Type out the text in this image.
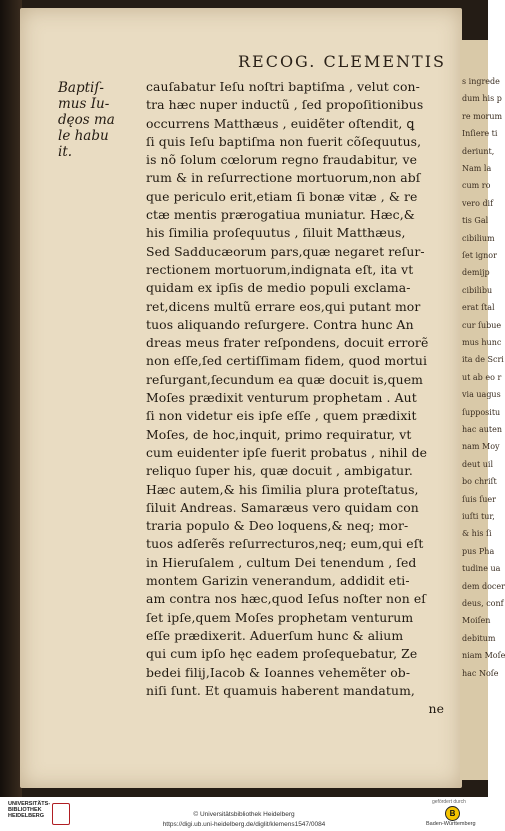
s ingrede
dum his p
re morum
Inſiere ti
deriunt,
Nam la
cum ro
vero dif
tis Gal
cibilium
ſet ignor
demijp
cibilibu
erat ſtal
cur ſubue
mus hunc
ita de Scri
ut ab eo r
via uagus
ſuppositu
hac auten
nam Moy
deut uil
bo chriſt
ſuis ſuer
iuſti tur,
& his ſi
pus Pha
tudine ua
dem docer
deus, conf
Moiſen
debitum
niam Moſe
hac Noſe
RECOG. CLEMENTIS
Baptiſ-
mus Iu-
dęos ma
le habu
it.
cauſabatur Ieſu noſtri baptiſma , velut con-
tra hæc nuper inductũ , ſed propoſitionibus
occurrens Matthæus , euidẽter oſtendit, ꝗ
ſi quis Ieſu baptiſma non fuerit cõſequutus,
is nõ ſolum cœlorum regno fraudabitur, ve
rum & in reſurrectione mortuorum,non abſ
que periculo erit,etiam ſi bonæ vitæ , & re
ctæ mentis prærogatiua muniatur. Hæc,&
his ſimilia proſequutus , ſiluit Matthæus,
Sed Sadducæorum pars,quæ negaret reſur-
rectionem mortuorum,indignata eſt, ita vt
quidam ex ipſis de medio populi exclama-
ret,dicens multũ errare eos,qui putant mor
tuos aliquando reſurgere. Contra hunc An
dreas meus frater reſpondens, docuit errorẽ
non eſſe,ſed certiſſimam fidem, quod mortui
reſurgant,ſecundum ea quæ docuit is,quem
Moſes prædixit venturum prophetam . Aut
ſi non videtur eis ipſe eſſe , quem prædixit
Moſes, de hoc,inquit, primo requiratur, vt
cum euidenter ipſe fuerit probatus , nihil de
reliquo ſuper his, quæ docuit , ambigatur.
Hæc autem,& his ſimilia plura proteſtatus,
ſiluit Andreas. Samaræus vero quidam con
traria populo & Deo loquens,& neq; mor-
tuos adſerẽs reſurrecturos,neq; eum,qui eſt
in Hieruſalem , cultum Dei tenendum , ſed
montem Garizin venerandum, addidit eti-
am contra nos hæc,quod Ieſus noſter non eſ
ſet ipſe,quem Moſes prophetam venturum
eſſe prædixerit. Aduerſum hunc & alium
qui cum ipſo hęc eadem proſequebatur, Ze
bedei filij,Iacob & Ioannes vehemẽter ob-
niſi ſunt. Et quamuis haberent mandatum,
ne
UNIVERSITÄTS-
BIBLIOTHEK
HEIDELBERG	© Universitätsbibliothek Heidelberg
https://digi.ub.uni-heidelberg.de/diglit/klemens1547/0084
gefördert durch
B
Baden-Württemberg
